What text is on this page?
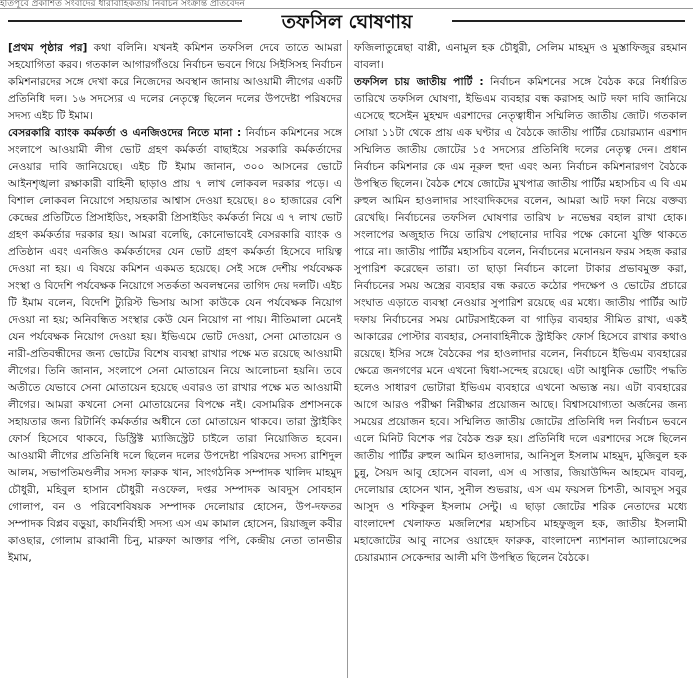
ইতিপূর্বে প্রকাশিত সংবাদের ধারাবাহিকতায় নির্বাচন সংক্রান্ত প্রতিবেদন
তফসিল ঘোষণায়

[প্রথম পৃষ্ঠার পর] কথা বলিনি। যখনই কমিশন তফসিল দেবে তাতে আমরা সহযোগিতা করব। গতকাল আগারগাঁওয়ে নির্বাচন ভবনে গিয়ে সিইসিসহ নির্বাচন কমিশনারদের সঙ্গে দেখা করে নিজেদের অবস্থান জানায় আওয়ামী লীগের একটি প্রতিনিধি দল। ১৬ সদস্যের এ দলের নেতৃত্বে ছিলেন দলের উপদেষ্টা পরিষদের সদস্য এইচ টি ইমাম।

বেসরকারি ব্যাংক কর্মকর্তা ও এনজিওদের নিতে মানা : নির্বাচন কমিশনের সঙ্গে সংলাপে আওয়ামী লীগ ভোট গ্রহণ কর্মকর্তা বাছাইয়ে সরকারি কর্মকর্তাদের নেওয়ার দাবি জানিয়েছে। এইচ টি ইমাম জানান, ৩০০ আসনের ভোটে আইনশৃঙ্খলা রক্ষাকারী বাহিনী ছাড়াও প্রায় ৭ লাখ লোকবল দরকার পড়ে। এ বিশাল লোকবল নিয়োগে সহায়তার আশ্বাস দেওয়া হয়েছে। ৪০ হাজারের বেশি কেন্দ্রের প্রতিটিতে প্রিসাইডিং, সহকারী প্রিসাইডিং কর্মকর্তা নিয়ে এ ৭ লাখ ভোট গ্রহণ কর্মকর্তার দরকার হয়। আমরা বলেছি, কোনোভাবেই বেসরকারি ব্যাংক ও প্রতিষ্ঠান এবং এনজিও কর্মকর্তাদের যেন ভোট গ্রহণ কর্মকর্তা হিসেবে দায়িত্ব দেওয়া না হয়। এ বিষয়ে কমিশন একমত হয়েছে। সেই সঙ্গে দেশীয় পর্যবেক্ষক সংস্থা ও বিদেশি পর্যবেক্ষক নিয়োগে সতর্কতা অবলম্বনের তাগিদ দেয় দলটি। এইচ টি ইমাম বলেন, বিদেশি ট্যুরিস্ট ভিসায় আসা কাউকে যেন পর্যবেক্ষক নিয়োগ দেওয়া না হয়; অনিবন্ধিত সংস্থার কেউ যেন নিয়োগ না পায়। নীতিমালা মেনেই যেন পর্যবেক্ষক নিয়োগ দেওয়া হয়। ইভিএমে ভোট দেওয়া, সেনা মোতায়েন ও নারী-প্রতিবন্ধীদের জন্য ভোটের বিশেষ ব্যবস্থা রাখার পক্ষে মত রয়েছে আওয়ামী লীগের। তিনি জানান, সংলাপে সেনা মোতায়েন নিয়ে আলোচনা হয়নি। তবে অতীতে যেভাবে সেনা মোতায়েন হয়েছে এবারও তা রাখার পক্ষে মত আওয়ামী লীগের। আমরা কখনো সেনা মোতায়েনের বিপক্ষে নই। বেসামরিক প্রশাসনকে সহায়তার জন্য রিটার্নিং কর্মকর্তার অধীনে তো মোতায়েন থাকবে। তারা স্ট্রাইকিং ফোর্স হিসেবে থাকবে, ডিস্ট্রিক্ট ম্যাজিস্ট্রেট চাইলে তারা নিয়োজিত হবেন। আওয়ামী লীগের প্রতিনিধি দলে ছিলেন দলের উপদেষ্টা পরিষদের সদস্য রাশিদুল আলম, সভাপতিমণ্ডলীর সদস্য ফারুক খান, সাংগঠনিক সম্পাদক খালিদ মাহমুদ চৌধুরী, মহিবুল হাসান চৌধুরী নওফেল, দপ্তর সম্পাদক আবদুস সোবহান গোলাপ, বন ও পরিবেশবিষয়ক সম্পাদক দেলোয়ার হোসেন, উপ-দফতর সম্পাদক বিপ্লব বড়ুয়া, কার্যনির্বাহী সদস্য এস এম কামাল হোসেন, রিয়াজুল কবীর কাওছার, গোলাম রাব্বানী চিনু, মারুফা আক্তার পপি, কেন্দ্রীয় নেতা তানভীর ইমাম,

ফজিলাতুন্নেছা বাপ্পী, এনামুল হক চৌধুরী, সেলিম মাহমুদ ও মুস্তাফিজুর রহমান বাবলা।

তফসিল চায় জাতীয় পার্টি : নির্বাচন কমিশনের সঙ্গে বৈঠক করে নির্ধারিত তারিখে তফসিল ঘোষণা, ইভিএম ব্যবহার বন্ধ করাসহ আট দফা দাবি জানিয়ে এসেছে হুসেইন মুহম্মদ এরশাদের নেতৃত্বাধীন সম্মিলিত জাতীয় জোট। গতকাল সোয়া ১১টা থেকে প্রায় এক ঘণ্টার এ বৈঠকে জাতীয় পার্টির চেয়ারম্যান এরশাদ সম্মিলিত জাতীয় জোটের ১৫ সদস্যের প্রতিনিধি দলের নেতৃত্ব দেন। প্রধান নির্বাচন কমিশনার কে এম নূরুল হুদা এবং অন্য নির্বাচন কমিশনারগণ বৈঠকে উপস্থিত ছিলেন। বৈঠক শেষে জোটের মুখপাত্র জাতীয় পার্টির মহাসচিব এ বি এম রুহুল আমিন হাওলাদার সাংবাদিকদের বলেন, আমরা আট দফা নিয়ে বক্তব্য রেখেছি। নির্বাচনের তফসিল ঘোষণার তারিখ ৮ নভেম্বর বহাল রাখা হোক। সংলাপের অজুহাত দিয়ে তারিখ পেছানোর দাবির পক্ষে কোনো যুক্তি থাকতে পারে না। জাতীয় পার্টির মহাসচিব বলেন, নির্বাচনের মনোনয়ন ফরম সহজ করার সুপারিশ করেছেন তারা। তা ছাড়া নির্বাচন কালো টাকার প্রভাবমুক্ত করা, নির্বাচনের সময় অস্ত্রের ব্যবহার বন্ধ করতে কঠোর পদক্ষেপ ও ভোটের প্রচারে সংঘাত এড়াতে ব্যবস্থা নেওয়ার সুপারিশ রয়েছে এর মধ্যে। জাতীয় পার্টির আট দফায় নির্বাচনের সময় মোটরসাইকেল বা গাড়ির ব্যবহার সীমিত রাখা, একই আকারের পোস্টার ব্যবহার, সেনাবাহিনীকে স্ট্রাইকিং ফোর্স হিসেবে রাখার কথাও রয়েছে। ইসির সঙ্গে বৈঠকের পর হাওলাদার বলেন, নির্বাচনে ইভিএম ব্যবহারের ক্ষেত্রে জনগণের মনে এখনো দ্বিধা-সন্দেহ রয়েছে। এটা আধুনিক ভোটিং পদ্ধতি হলেও সাধারণ ভোটারা ইভিএম ব্যবহারে এখনো অভ্যস্ত নয়। এটা ব্যবহারের আগে আরও পরীক্ষা নিরীক্ষার প্রয়োজন আছে। বিশ্বাসযোগ্যতা অর্জনের জন্য সময়ের প্রয়োজন হবে। সম্মিলিত জাতীয় জোটের প্রতিনিধি দল নির্বাচন ভবনে এলে মিনিট বিশেক পর বৈঠক শুরু হয়। প্রতিনিধি দলে এরশাদের সঙ্গে ছিলেন জাতীয় পার্টির রুহুল আমিন হাওলাদার, আনিসুল ইসলাম মাহমুদ, মুজিবুল হক চুন্নু, সৈয়দ আবু হোসেন বাবলা, এস এ সাত্তার, জিয়াউদ্দিন আহমেদ বাবলু, দেলোয়ার হোসেন খান, সুনীল শুভরায়, এস এম ফয়সল চিশতী, আবদুস সবুর আসুদ ও শফিকুল ইসলাম সেন্টু। এ ছাড়া জোটের শরিক নেতাদের মধ্যে বাংলাদেশ খেলাফত মজলিশের মহাসচিব মাহফুজুল হক, জাতীয় ইসলামী মহাজোটের আবু নাসের ওয়াহেদ ফারুক, বাংলাদেশ ন্যাশনাল অ্যালায়েন্সের চেয়ারম্যান সেকেন্দার আলী মণি উপস্থিত ছিলেন বৈঠকে।
